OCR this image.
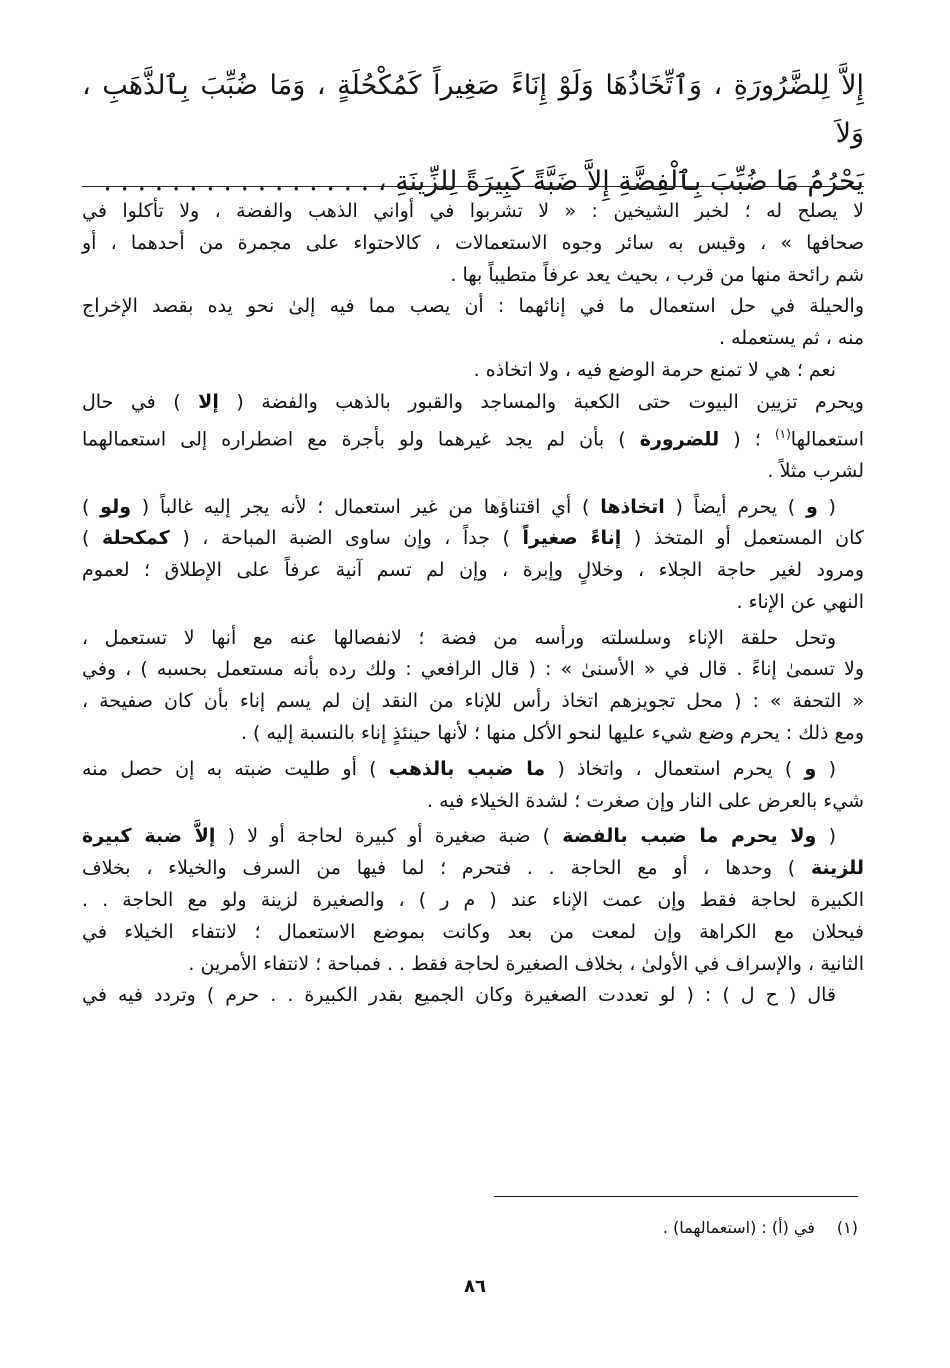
إِلاَّ لِلضَّرُورَةِ ، وَٱتِّخَاذُهَا وَلَوْ إِنَاءً صَغِيراً كَمُكْحُلَةٍ ، وَمَا ضُبِّبَ بِٱلذَّهَبِ ، وَلاَ
يَحْرُمُ مَا ضُبِّبَ بِٱلْفِضَّةِ إِلاَّ ضَبَّةً كَبِيرَةً لِلزِّينَةِ ، . . . . . . . . . . . . . . . .
لا يصلح له ؛ لخبر الشيخين : « لا تشربوا في أواني الذهب والفضة ، ولا تأكلوا في
صحافها » ، وقيس به سائر وجوه الاستعمالات ، كالاحتواء على مجمرة من أحدهما ، أو
شم رائحة منها من قرب ، بحيث يعد عرفاً متطيباً بها .
والحيلة في حل استعمال ما في إنائهما : أن يصب مما فيه إلىٰ نحو يده بقصد الإخراج
منه ، ثم يستعمله .
نعم ؛ هي لا تمنع حرمة الوضع فيه ، ولا اتخاذه .
ويحرم تزيين البيوت حتى الكعبة والمساجد والقبور بالذهب والفضة ( إلا ) في حال
استعمالها$^{(١)}$ ؛ ( للضرورة ) بأن لم يجد غيرهما ولو بأجرة مع اضطراره إلى استعمالهما
لشرب مثلاً .
( و ) يحرم أيضاً ( اتخاذها ) أي اقتناؤها من غير استعمال ؛ لأنه يجر إليه غالباً ( ولو )
كان المستعمل أو المتخذ ( إناءً صغيراً ) جداً ، وإن ساوى الضبة المباحة ، ( كمكحلة )
ومرود لغير حاجة الجلاء ، وخلالٍ وإبرة ، وإن لم تسم آنية عرفاً على الإطلاق ؛ لعموم
النهي عن الإناء .
وتحل حلقة الإناء وسلسلته ورأسه من فضة ؛ لانفصالها عنه مع أنها لا تستعمل ،
ولا تسمىٰ إناءً . قال في « الأسنىٰ » : ( قال الرافعي : ولك رده بأنه مستعمل بحسبه ) ، وفي
« التحفة » : ( محل تجويزهم اتخاذ رأس للإناء من النقد إن لم يسم إناء بأن كان صفيحة ،
ومع ذلك : يحرم وضع شيء عليها لنحو الأكل منها ؛ لأنها حينئذٍ إناء بالنسبة إليه ) .
( و ) يحرم استعمال ، واتخاذ ( ما ضبب بالذهب ) أو طليت ضبته به إن حصل منه
شيء بالعرض على النار وإن صغرت ؛ لشدة الخيلاء فيه .
( ولا يحرم ما ضبب بالفضة ) ضبة صغيرة أو كبيرة لحاجة أو لا ( إلاَّ ضبة كبيرة
للزينة ) وحدها ، أو مع الحاجة . . فتحرم ؛ لما فيها من السرف والخيلاء ، بخلاف
الكبيرة لحاجة فقط وإن عمت الإناء عند ( م ر ) ، والصغيرة لزينة ولو مع الحاجة . .
فيحلان مع الكراهة وإن لمعت من بعد وكانت بموضع الاستعمال ؛ لانتفاء الخيلاء في
الثانية ، والإسراف في الأولىٰ ، بخلاف الصغيرة لحاجة فقط . . فمباحة ؛ لانتفاء الأمرين .
قال ( ح ل ) : ( لو تعددت الصغيرة وكان الجميع بقدر الكبيرة . . حرم ) وتردد فيه في
(١)في (أ) : (استعمالهما) .
٨٦
